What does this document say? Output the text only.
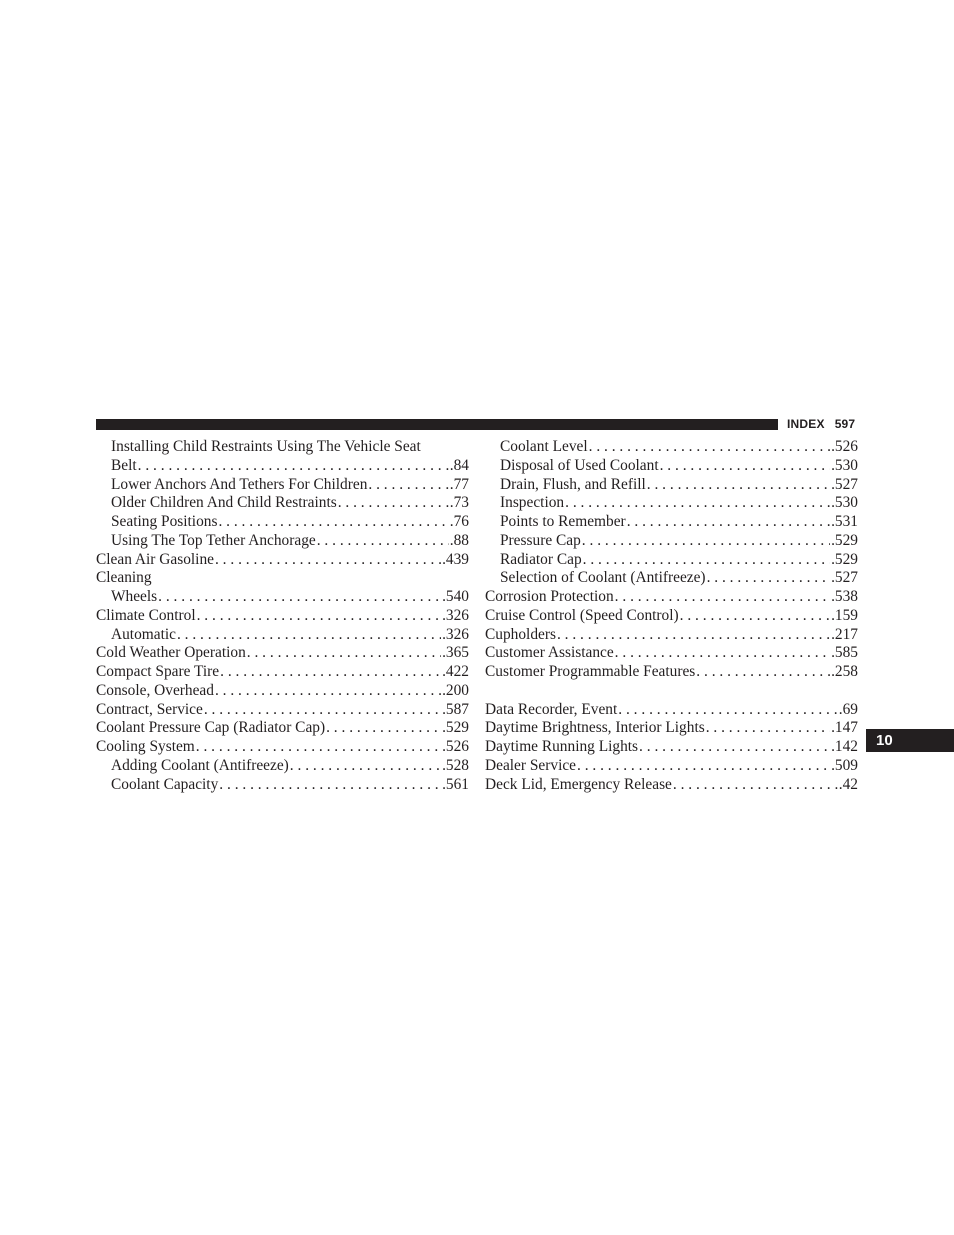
INDEX 597
Installing Child Restraints Using The Vehicle Seat
Belt . . .	.84
Lower Anchors And Tethers For Children . . .	.77
Older Children And Child Restraints . . .	.73
Seating Positions . . .	.76
Using The Top Tether Anchorage . . .	.88
Clean Air Gasoline . . .	.439
Cleaning
Wheels . . .	.540
Climate Control . . .	.326
Automatic . . .	.326
Cold Weather Operation . . .	.365
Compact Spare Tire . . .	.422
Console, Overhead . . .	.200
Contract, Service . . .	.587
Coolant Pressure Cap (Radiator Cap) . . .	.529
Cooling System . . .	.526
Adding Coolant (Antifreeze) . . .	.528
Coolant Capacity . . .	.561
Coolant Level . . .	.526
Disposal of Used Coolant . . .	.530
Drain, Flush, and Refill . . .	.527
Inspection . . .	.530
Points to Remember . . .	.531
Pressure Cap . . .	.529
Radiator Cap . . .	.529
Selection of Coolant (Antifreeze) . . .	.527
Corrosion Protection . . .	.538
Cruise Control (Speed Control) . . .	.159
Cupholders . . .	.217
Customer Assistance . . .	.585
Customer Programmable Features . . .	.258
Data Recorder, Event . . .	.69
Daytime Brightness, Interior Lights . . .	.147
Daytime Running Lights . . .	.142
Dealer Service . . .	.509
Deck Lid, Emergency Release . . .	.42
10
